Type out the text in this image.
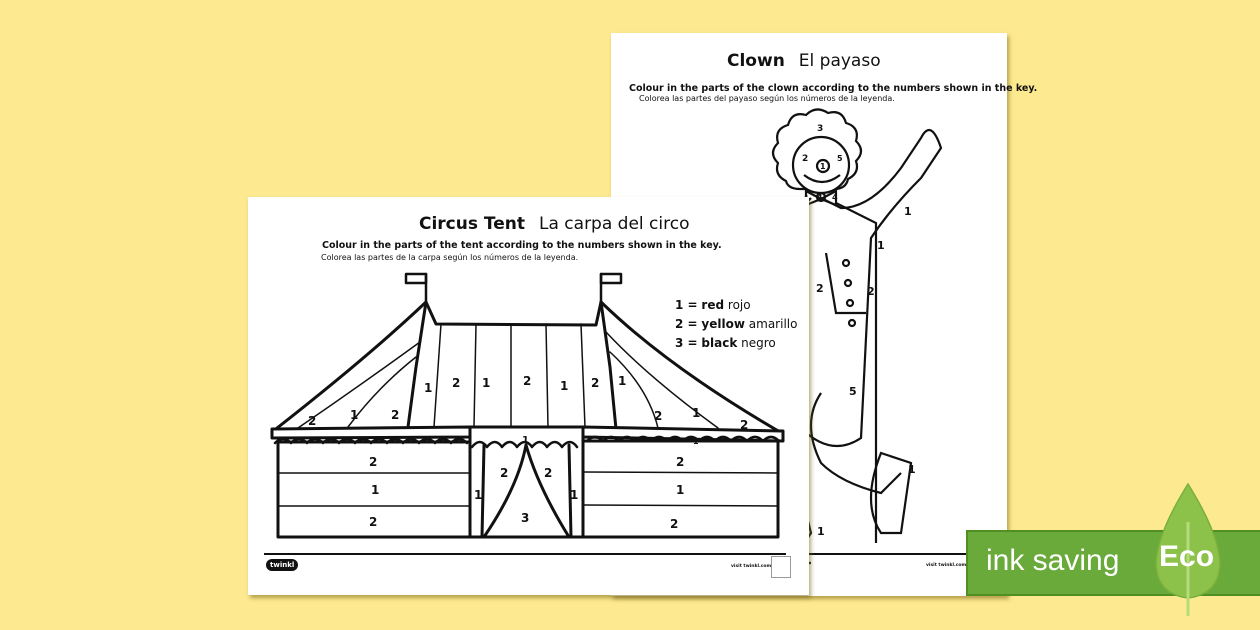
Clown El payaso
Colour in the parts of the clown according to the numbers shown in the key.
Colorea las partes del payaso según los números de la leyenda.
3
2
1
5
4 4
1
1
2	2
5
1
1
visit twinkl.com
Circus Tent La carpa del circo
Colour in the parts of the tent according to the numbers shown in the key.
Colorea las partes de la carpa según los números de la leyenda.
1 = red rojo
2 = yellow amarillo
3 = black negro
1 2 1	2 1 2 1
2	1	2	2 1
2
1	1
1
2
1
2
2
1
2
1
2	2
1
3
twinkl	visit twinkl.com	ink saving Eco
